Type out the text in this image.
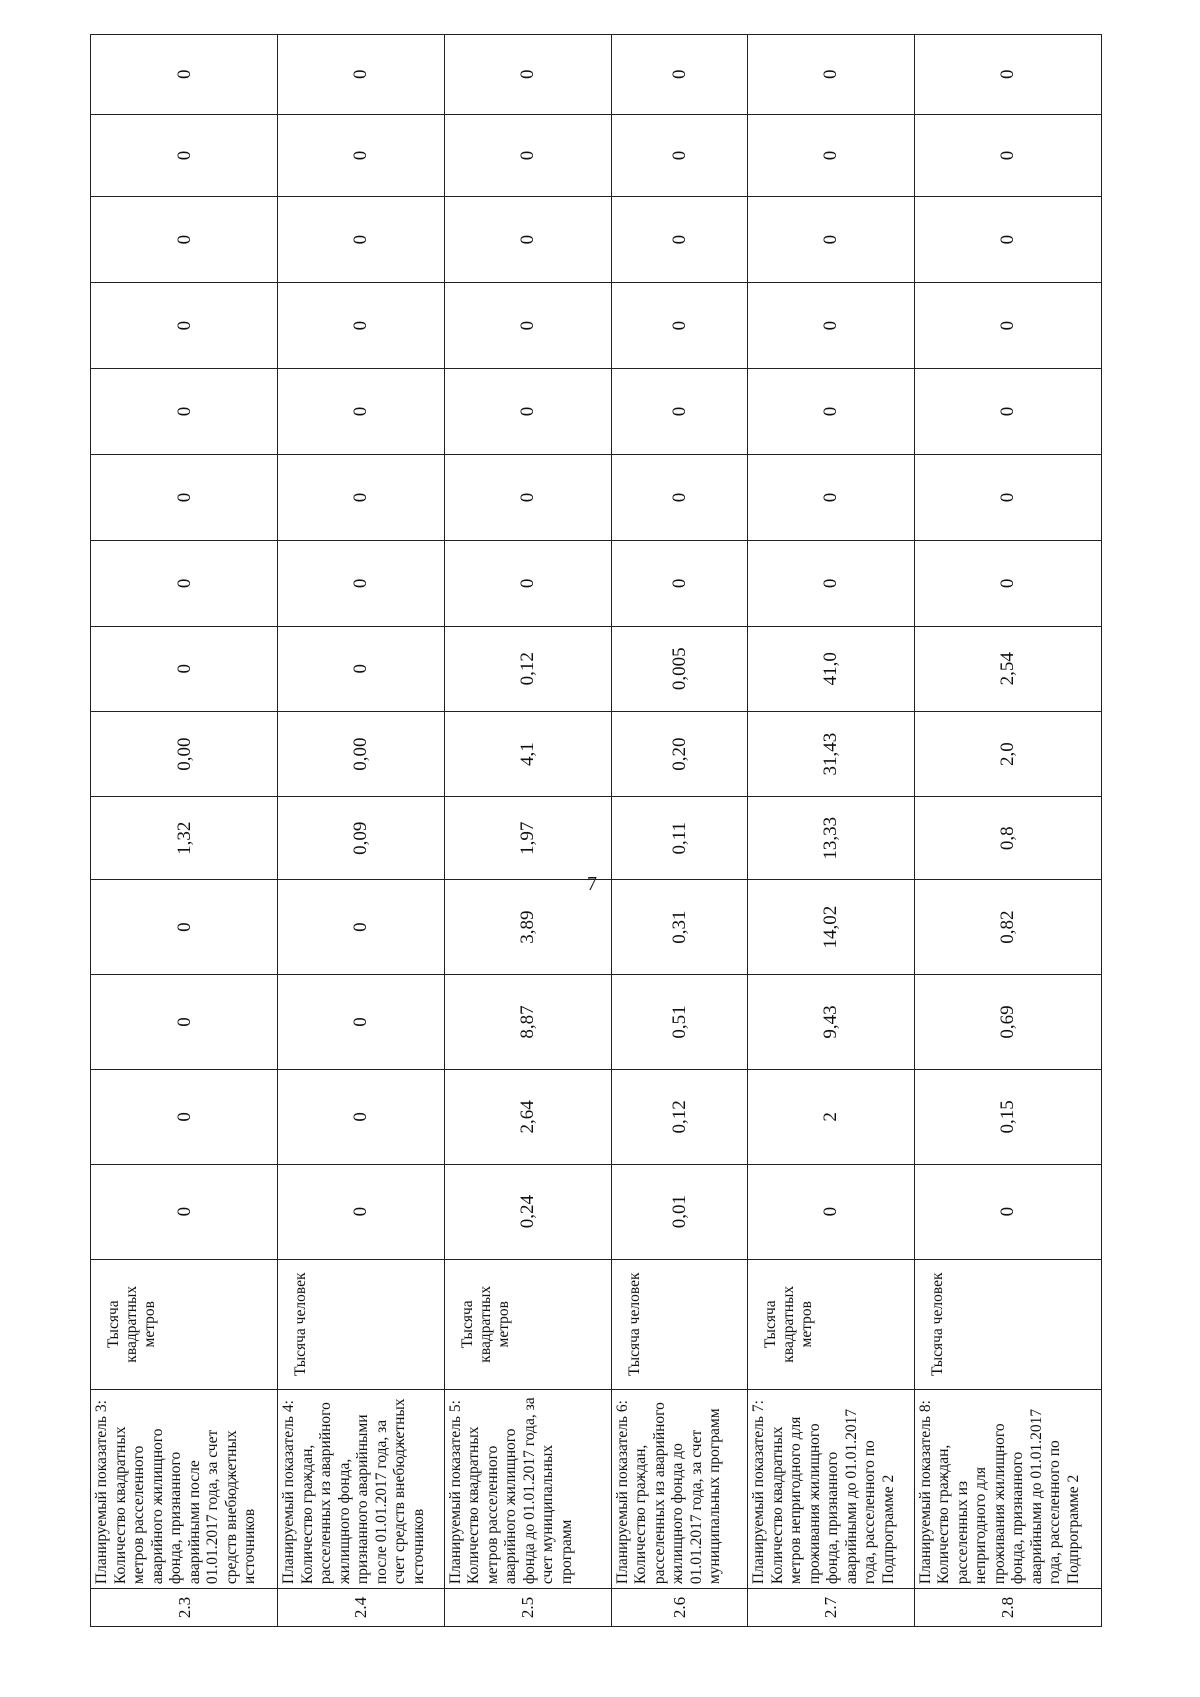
7
2.3	Планируемый показатель 3: Количество квадратных метров расселенного аварийного жилищного фонда, признанного аварийными после 01.01.2017 года, за счет средств внебюджетных источников	Тысяча квадратных метров	0	0	0	0	1,32	0,00	0	0	0	0	0	0	0	0
2.4	Планируемый показатель 4: Количество граждан, расселенных из аварийного жилищного фонда, признанного аварийными после 01.01.2017 года, за счет средств внебюджетных источников	Тысяча человек	0	0	0	0	0,09	0,00	0	0	0	0	0	0	0	0
2.5	Планируемый показатель 5: Количество квадратных метров расселенного аварийного жилищного фонда до 01.01.2017 года, за счет муниципальных программ	Тысяча квадратных метров	0,24	2,64	8,87	3,89	1,97	4,1	0,12	0	0	0	0	0	0	0
2.6	Планируемый показатель 6: Количество граждан, расселенных из аварийного жилищного фонда до 01.01.2017 года, за счет муниципальных программ	Тысяча человек	0,01	0,12	0,51	0,31	0,11	0,20	0,005	0	0	0	0	0	0	0
2.7	Планируемый показатель 7: Количество квадратных метров непригодного для проживания жилищного фонда, признанного аварийными до 01.01.2017 года, расселенного по Подпрограмме 2	Тысяча квадратных метров	0	2	9,43	14,02	13,33	31,43	41,0	0	0	0	0	0	0	0
2.8	Планируемый показатель 8: Количество граждан, расселенных из непригодного для проживания жилищного фонда, признанного аварийными до 01.01.2017 года, расселенного по Подпрограмме 2	Тысяча человек	0	0,15	0,69	0,82	0,8	2,0	2,54	0	0	0	0	0	0	0
